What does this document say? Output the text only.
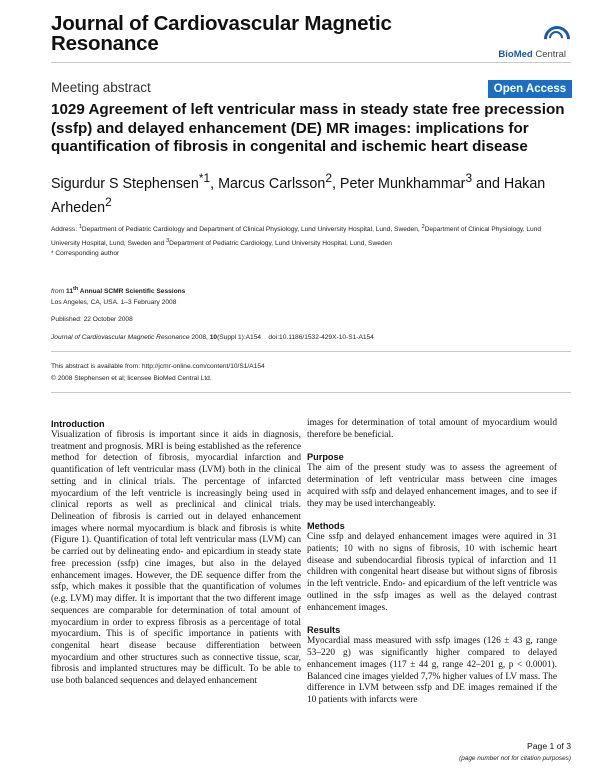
Journal of Cardiovascular Magnetic Resonance	BioMed Central
Meeting abstract	Open Access
1029 Agreement of left ventricular mass in steady state free precession (ssfp) and delayed enhancement (DE) MR images: implications for quantification of fibrosis in congenital and ischemic heart disease
Sigurdur S Stephensen$^{*1}$, Marcus Carlsson$^2$, Peter Munkhammar$^3$ and Hakan Arheden$^2$
Address: $^1$Department of Pediatric Cardiology and Department of Clinical Physiology, Lund University Hospital, Lund, Sweden, $^2$Department of Clinical Physiology, Lund University Hospital, Lund, Sweden and $^3$Department of Pediatric Cardiology, Lund University Hospital, Lund, Sweden
* Corresponding author
from 11th Annual SCMR Scientific Sessions
Los Angeles, CA, USA. 1–3 February 2008
Published: 22 October 2008
Journal of Cardiovascular Magnetic Resonance 2008, 10(Suppl 1):A154 doi:10.1186/1532-429X-10-S1-A154
This abstract is available from: http://jcmr-online.com/content/10/S1/A154
© 2008 Stephensen et al; licensee BioMed Central Ltd.

Introduction

Visualization of fibrosis is important since it aids in diagnosis, treatment and prognosis. MRI is being established as the reference method for detection of fibrosis, myocardial infarction and quantification of left ventricular mass (LVM) both in the clinical setting and in clinical trials. The percentage of infarcted myocardium of the left ventricle is increasingly being used in clinical reports as well as preclinical and clinical trials. Delineation of fibrosis is carried out in delayed enhancement images where normal myocardium is black and fibrosis is white (Figure 1). Quantification of total left ventricular mass (LVM) can be carried out by delineating endo- and epicardium in steady state free precession (ssfp) cine images, but also in the delayed enhancement images. However, the DE sequence differ from the ssfp, which makes it possible that the quantification of volumes (e.g. LVM) may differ. It is important that the two different image sequences are comparable for determination of total amount of myocardium in order to express fibrosis as a percentage of total myocardium. This is of specific importance in patients with congenital heart disease because differentiation between myocardium and other structures such as connective tissue, scar, fibrosis and implanted structures may be difficult. To be able to use both balanced sequences and delayed enhancement

images for determination of total amount of myocardium would therefore be beneficial.

Purpose

The aim of the present study was to assess the agreement of determination of left ventricular mass between cine images acquired with ssfp and delayed enhancement images, and to see if they may be used interchangeably.

Methods

Cine ssfp and delayed enhancement images were aquired in 31 patients; 10 with no signs of fibrosis, 10 with ischemic heart disease and subendocardial fibrosis typical of infarction and 11 children with congenital heart disease but without signs of fibrosis in the left ventricle. Endo- and epicardium of the left ventricle was outlined in the ssfp images as well as the delayed contrast enhancement images.

Results

Myocardial mass measured with ssfp images (126 ± 43 g, range 53–220 g) was significantly higher compared to delayed enhancement images (117 ± 44 g, range 42–201 g, p < 0.0001). Balanced cine images yielded 7,7% higher values of LV mass. The difference in LVM between ssfp and DE images remained if the 10 patients with infarcts were

Page 1 of 3
(page number not for citation purposes)
